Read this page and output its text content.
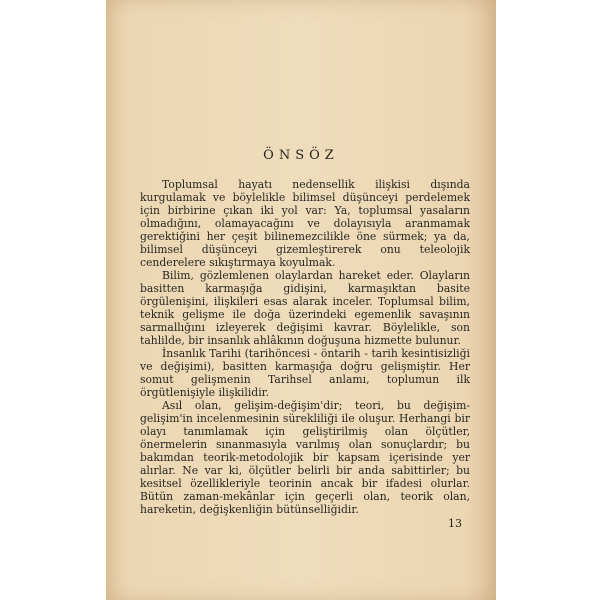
ÖNSÖZ

Toplumsal hayatı nedensellik ilişkisi dışında kurgulamak ve böylelikle bilimsel düşünceyi perdelemek için birbirine çıkan iki yol var: Ya, toplumsal yasaların olmadığını, olamayacağını ve dolayısıyla aranmamak gerektiğini her çeşit bilinemezcilikle öne sürmek; ya da, bilimsel düşünceyi gizemleştirerek onu teleolojik cenderelere sıkıştırmaya koyulmak.

Bilim, gözlemlenen olaylardan hareket eder. Olayların basitten karmaşığa gidişini, karmaşıktan basite örgülenişini, ilişkileri esas alarak inceler. Toplumsal bilim, teknik gelişme ile doğa üzerindeki egemenlik savaşının sarmallığını izleyerek değişimi kavrar. Böylelikle, son tahlilde, bir insanlık ahlâkının doğuşuna hizmette bulunur.

İnsanlık Tarihi (tarihöncesi - öntarih - tarih kesintisizliği ve değişimi), basitten karmaşığa doğru gelişmiştir. Her somut gelişmenin Tarihsel anlamı, toplumun ilk örgütlenişiyle ilişkilidir.

Asıl olan, gelişim-değişim'dir; teori, bu değişim-gelişim'in incelenmesinin sürekliliği ile oluşur. Herhangi bir olayı tanımlamak için geliştirilmiş olan ölçütler, önermelerin sınanmasıyla varılmış olan sonuçlardır; bu bakımdan teorik-metodolojik bir kapsam içerisinde yer alırlar. Ne var ki, ölçütler belirli bir anda sabittirler; bu kesitsel özellikleriyle teorinin ancak bir ifadesi olurlar. Bütün zaman-mekânlar için geçerli olan, teorik olan, hareketin, değişkenliğin bütünselliğidir.

13
